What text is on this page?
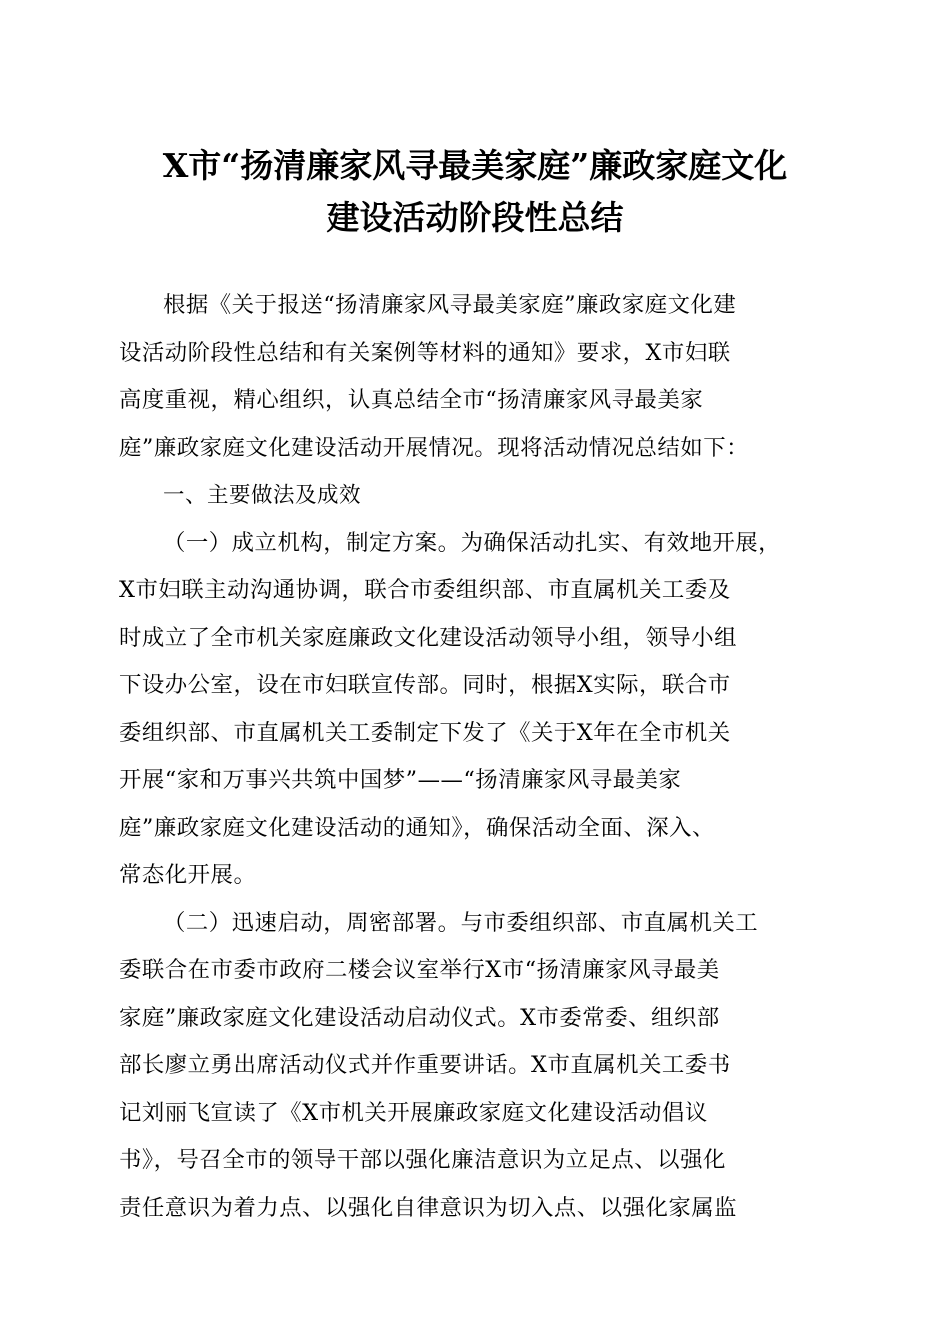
X市“扬清廉家风寻最美家庭”廉政家庭文化
建设活动阶段性总结
根据《关于报送“扬清廉家风寻最美家庭”廉政家庭文化建
设活动阶段性总结和有关案例等材料的通知》要求，X市妇联
高度重视，精心组织，认真总结全市“扬清廉家风寻最美家
庭”廉政家庭文化建设活动开展情况。现将活动情况总结如下：
一、主要做法及成效
（一）成立机构，制定方案。为确保活动扎实、有效地开展，
X市妇联主动沟通协调，联合市委组织部、市直属机关工委及
时成立了全市机关家庭廉政文化建设活动领导小组，领导小组
下设办公室，设在市妇联宣传部。同时，根据X实际，联合市
委组织部、市直属机关工委制定下发了《关于X年在全市机关
开展“家和万事兴共筑中国梦”——“扬清廉家风寻最美家
庭”廉政家庭文化建设活动的通知》，确保活动全面、深入、
常态化开展。
（二）迅速启动，周密部署。与市委组织部、市直属机关工
委联合在市委市政府二楼会议室举行X市“扬清廉家风寻最美
家庭”廉政家庭文化建设活动启动仪式。X市委常委、组织部
部长廖立勇出席活动仪式并作重要讲话。X市直属机关工委书
记刘丽飞宣读了《X市机关开展廉政家庭文化建设活动倡议
书》，号召全市的领导干部以强化廉洁意识为立足点、以强化
责任意识为着力点、以强化自律意识为切入点、以强化家属监
